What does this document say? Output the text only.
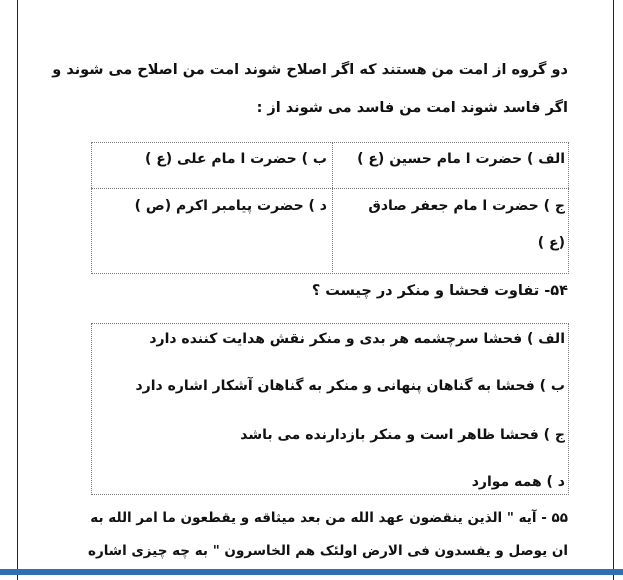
دو گروه از امت من هستند که اگر اصلاح شوند امت من اصلاح می شوند و
اگر فاسد شوند امت من فاسد می شوند از :
الف ) حضرت ا مام حسین (ع )
ب ) حضرت ا مام علی (ع )
ج ) حضرت ا مام جعفر صادق
(ع )
د ) حضرت پیامبر اکرم (ص )
۵۴- تفاوت فحشا و منکر در چیست ؟
الف ) فحشا سرچشمه هر بدی و منکر نقش هدایت کننده دارد
ب ) فحشا به گناهان پنهانی و منکر به گناهان آشکار اشاره دارد
ج ) فحشا ظاهر است و منکر بازدارنده می باشد
د ) همه موارد
۵۵ - آیه " الذین ینقضون عهد الله من بعد میثاقه و یقطعون ما امر الله به
ان یوصل و یفسدون فی الارض اولئک هم الخاسرون " به چه چیزی اشاره
